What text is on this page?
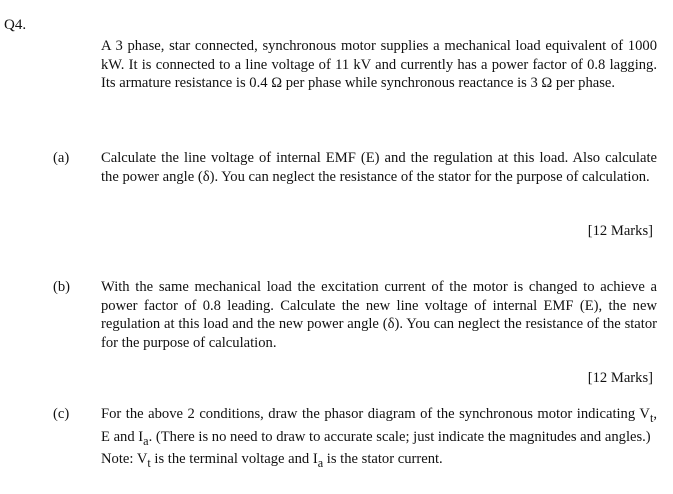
Q4.
A 3 phase, star connected, synchronous motor supplies a mechanical load equivalent of 1000 kW. It is connected to a line voltage of 11 kV and currently has a power factor of 0.8 lagging. Its armature resistance is 0.4 Ω per phase while synchronous reactance is 3 Ω per phase.
(a) Calculate the line voltage of internal EMF (E) and the regulation at this load. Also calculate the power angle (δ). You can neglect the resistance of the stator for the purpose of calculation.
[12 Marks]
(b) With the same mechanical load the excitation current of the motor is changed to achieve a power factor of 0.8 leading. Calculate the new line voltage of internal EMF (E), the new regulation at this load and the new power angle (δ). You can neglect the resistance of the stator for the purpose of calculation.
[12 Marks]
(c) For the above 2 conditions, draw the phasor diagram of the synchronous motor indicating $V_t$, E and $I_a$. (There is no need to draw to accurate scale; just indicate the magnitudes and angles.)
Note: $V_t$ is the terminal voltage and $I_a$ is the stator current.
